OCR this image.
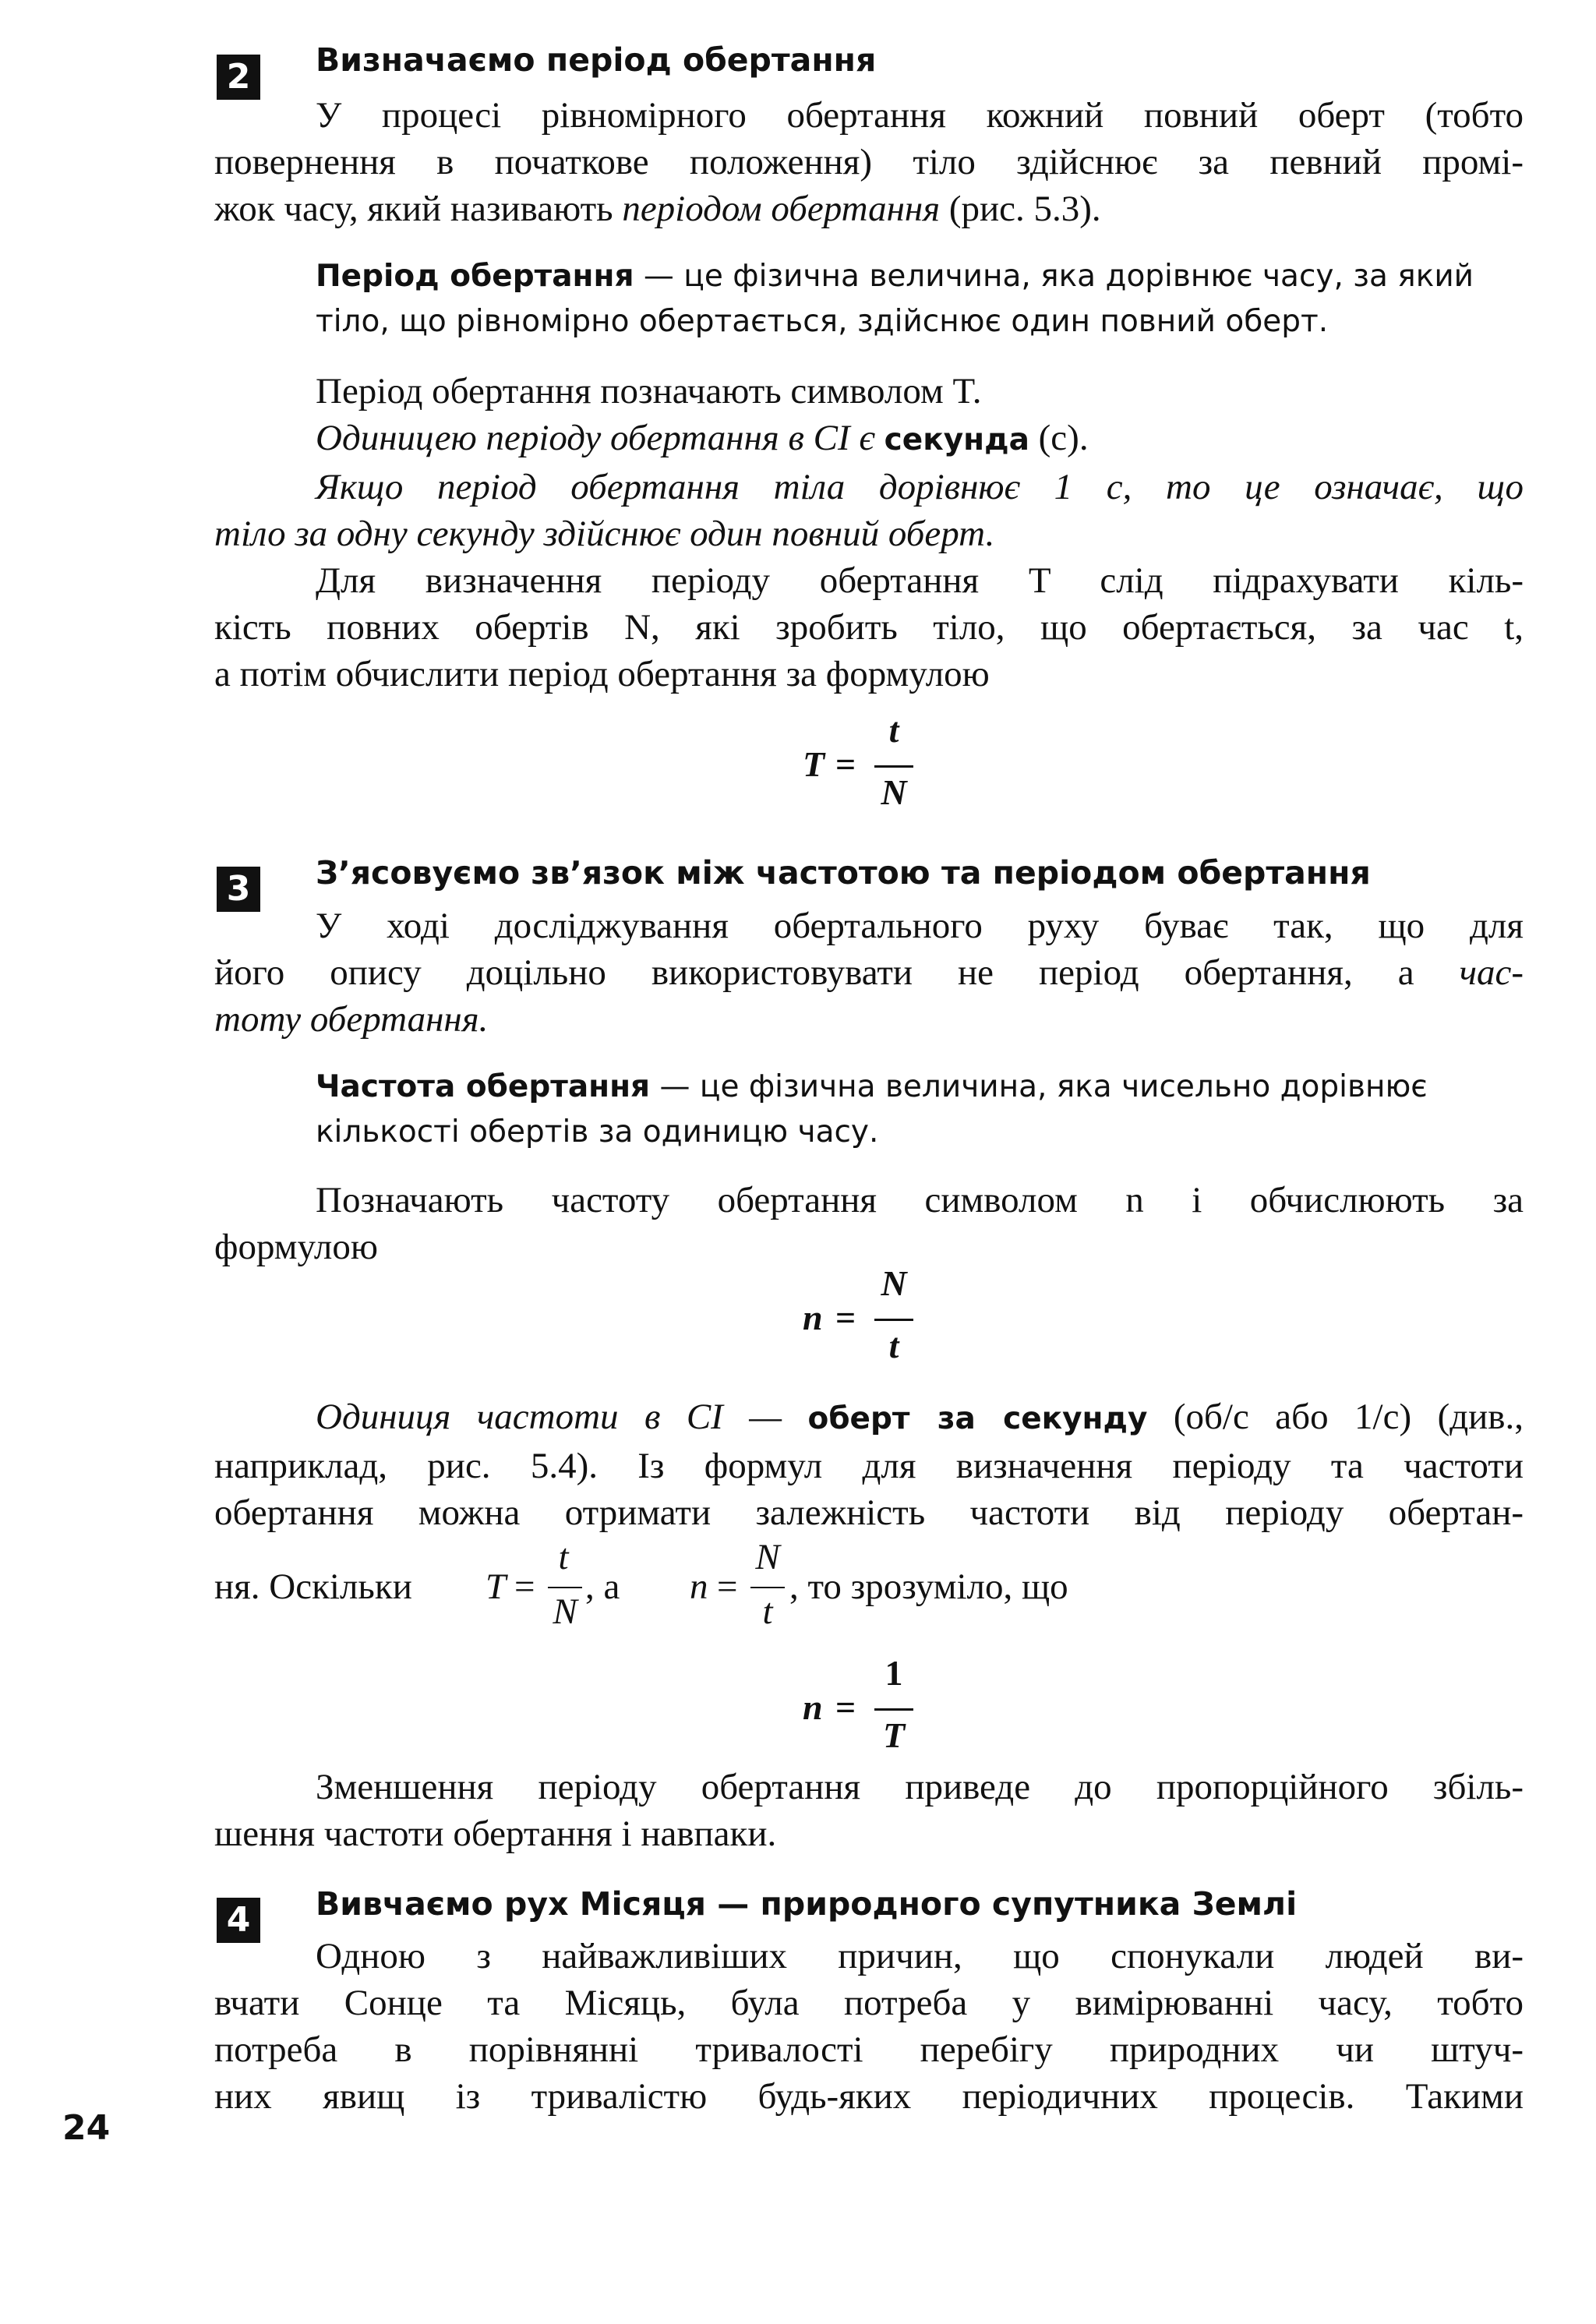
2	Визначаємо період обертання
У процесі рівномірного обертання кожний повний оберт (тобто
повернення в початкове положення) тіло здійснює за певний промі-
жок часу, який називають періодом обертання (рис. 5.3).
Період обертання — це фізична величина, яка дорівнює часу, за який
тіло, що рівномірно обертається, здійснює один повний оберт.
Період обертання позначають символом T.
Одиницею періоду обертання в СІ є секунда (с).
Якщо період обертання тіла дорівнює 1 с, то це означає, що
тіло за одну секунду здійснює один повний оберт.
Для визначення періоду обертання T слід підрахувати кіль-
кість повних обертів N, які зробить тіло, що обертається, за час t,
а потім обчислити період обертання за формулою
T =
t
N
3	З’ясовуємо зв’язок між частотою та періодом обертання
У ході досліджування обертального руху буває так, що для
його опису доцільно використовувати не період обертання, а час-
тоту обертання.
Частота обертання — це фізична величина, яка чисельно дорівнює
кількості обертів за одиницю часу.
Позначають частоту обертання символом n і обчислюють за
формулою
n =
N
t
Одиниця частоти в СІ — оберт за секунду (об/с або 1/с) (див.,
наприклад, рис. 5.4). Із формул для визначення періоду та частоти
обертання можна отримати залежність частоти від періоду обертан-
ня. Оскільки T =
t
N
, а n =
N
t
, то зрозуміло, що
n =
1
T
Зменшення періоду обертання приведе до пропорційного збіль-
шення частоти обертання і навпаки.
4	Вивчаємо рух Місяця — природного супутника Землі
Одною з найважливіших причин, що спонукали людей ви-
вчати Сонце та Місяць, була потреба у вимірюванні часу, тобто
потреба в порівнянні тривалості перебігу природних чи штуч-
них явищ із тривалістю будь-яких періодичних процесів. Такими
24
